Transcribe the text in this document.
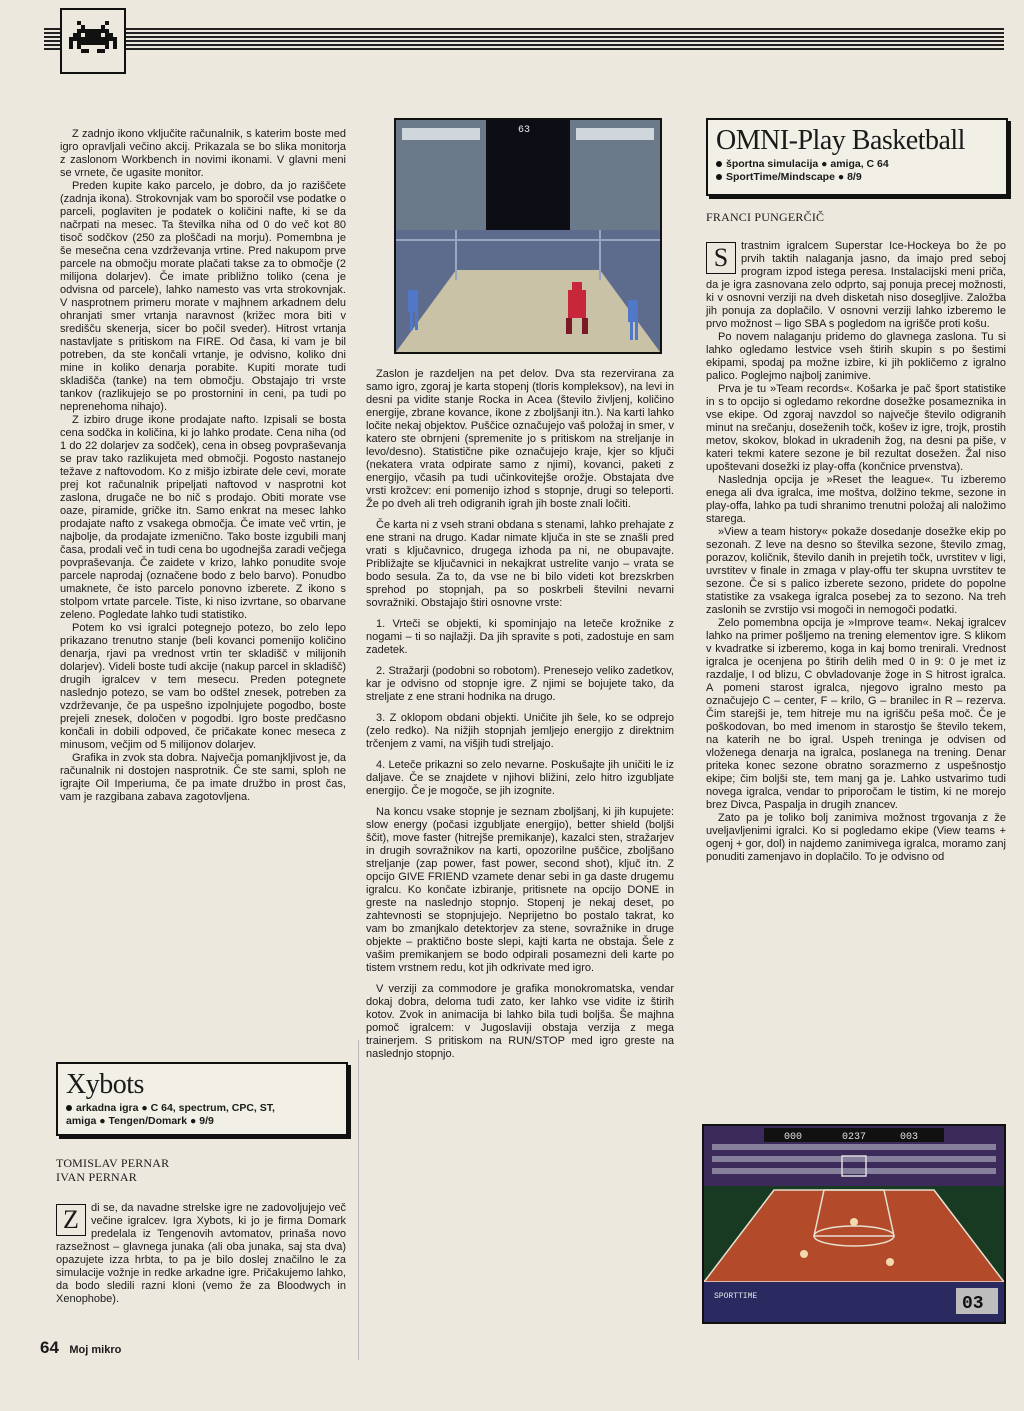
Z zadnjo ikono vključite računalnik, s katerim boste med igro opravljali večino akcij. Prikazala se bo slika monitorja z zaslonom Workbench in novimi ikonami. V glavni meni se vrnete, če ugasite monitor.

Preden kupite kako parcelo, je dobro, da jo raziščete (zadnja ikona). Strokovnjak vam bo sporočil vse podatke o parceli, poglaviten je podatek o količini nafte, ki se da načrpati na mesec. Ta številka niha od 0 do več kot 80 tisoč sodčkov (250 za ploščadi na morju). Pomembna je še mesečna cena vzdrževanja vrtine. Pred nakupom prve parcele na območju morate plačati takse za to območje (2 milijona dolarjev). Če imate približno toliko (cena je odvisna od parcele), lahko namesto vas vrta strokovnjak. V nasprotnem primeru morate v majhnem arkadnem delu ohranjati smer vrtanja naravnost (križec mora biti v središču skenerja, sicer bo počil sveder). Hitrost vrtanja nastavljate s pritiskom na FIRE. Od časa, ki vam je bil potreben, da ste končali vrtanje, je odvisno, koliko dni mine in koliko denarja porabite. Kupiti morate tudi skladišča (tanke) na tem območju. Obstajajo tri vrste tankov (razlikujejo se po prostornini in ceni, pa tudi po neprenehoma nihajo).

Z izbiro druge ikone prodajate nafto. Izpisali se bosta cena sodčka in količina, ki jo lahko prodate. Cena niha (od 1 do 22 dolarjev za sodček), cena in obseg povpraševanja se prav tako razlikujeta med območji. Pogosto nastanejo težave z naftovodom. Ko z mišjo izbirate dele cevi, morate prej kot računalnik pripeljati naftovod v nasprotni kot zaslona, drugače ne bo nič s prodajo. Obiti morate vse oaze, piramide, gričke itn. Samo enkrat na mesec lahko prodajate nafto z vsakega območja. Če imate več vrtin, je najbolje, da prodajate izmenično. Tako boste izgubili manj časa, prodali več in tudi cena bo ugodnejša zaradi večjega povpraševanja. Če zaidete v krizo, lahko ponudite svoje parcele naprodaj (označene bodo z belo barvo). Ponudbo umaknete, če isto parcelo ponovno izberete. Z ikono s stolpom vrtate parcele. Tiste, ki niso izvrtane, so obarvane zeleno. Pogledate lahko tudi statistiko.

Potem ko vsi igralci potegnejo potezo, bo zelo lepo prikazano trenutno stanje (beli kovanci pomenijo količino denarja, rjavi pa vrednost vrtin ter skladišč v milijonih dolarjev). Videli boste tudi akcije (nakup parcel in skladišč) drugih igralcev v tem mesecu. Preden potegnete naslednjo potezo, se vam bo odštel znesek, potreben za vzdrževanje, če pa uspešno izpolnjujete pogodbo, boste prejeli znesek, določen v pogodbi. Igro boste predčasno končali in dobili odpoved, če pričakate konec meseca z minusom, večjim od 5 milijonov dolarjev.

Grafika in zvok sta dobra. Največja pomanjkljivost je, da računalnik ni dostojen nasprotnik. Če ste sami, sploh ne igrajte Oil Imperiuma, če pa imate družbo in prost čas, vam je razgibana zabava zagotovljena.

63

Zaslon je razdeljen na pet delov. Dva sta rezervirana za samo igro, zgoraj je karta stopenj (tloris kompleksov), na levi in desni pa vidite stanje Rocka in Acea (število življenj, količino energije, zbrane kovance, ikone z zbolјšanji itn.). Na karti lahko ločite nekaj objektov. Puščice označujejo vaš položaj in smer, v katero ste obrnjeni (spremenite jo s pritiskom na streljanje in levo/desno). Statistične pike označujejo kraje, kjer so ključi (nekatera vrata odpirate samo z njimi), kovanci, paketi z energijo, včasih pa tudi učinkovitejše orožje. Obstajata dve vrsti krožcev: eni pomenijo izhod s stopnje, drugi so teleporti. Že po dveh ali treh odigranih igrah jih boste znali ločiti.

Če karta ni z vseh strani obdana s stenami, lahko prehajate z ene strani na drugo. Kadar nimate ključa in ste se znašli pred vrati s ključavnico, drugega izhoda pa ni, ne obupavajte. Približajte se ključavnici in nekajkrat ustrelite vanjo – vrata se bodo sesula. Za to, da vse ne bi bilo videti kot brezskrben sprehod po stopnjah, pa so poskrbeli številni nevarni sovražniki. Obstajajo štiri osnovne vrste:

1. Vrteči se objekti, ki spominjajo na leteče krožnike z nogami – ti so najlažji. Da jih spravite s poti, zadostuje en sam zadetek.

2. Stražarji (podobni so robotom). Prenesejo veliko zadetkov, kar je odvisno od stopnje igre. Z njimi se bojujete tako, da streljate z ene strani hodnika na drugo.

3. Z oklopom obdani objekti. Uničite jih šele, ko se odprejo (zelo redko). Na nižjih stopnjah jemljejo energijo z direktnim trčenjem z vami, na višjih tudi streljajo.

4. Leteče prikazni so zelo nevarne. Poskušajte jih uničiti le iz daljave. Če se znajdete v njihovi bližini, zelo hitro izgubljate energijo. Če je mogoče, se jih izognite.

Na koncu vsake stopnje je seznam zboljšanj, ki jih kupujete: slow energy (počasi izgubljate energijo), better shield (boljši ščit), move faster (hitrejše premikanje), kazalci sten, stražarjev in drugih sovražnikov na karti, opozorilne puščice, zboljšano streljanje (zap power, fast power, second shot), ključ itn. Z opcijo GIVE FRIEND vzamete denar sebi in ga daste drugemu igralcu. Ko končate izbiranje, pritisnete na opcijo DONE in greste na naslednjo stopnjo. Stopenj je nekaj deset, po zahtevnosti se stopnjujejo. Neprijetno bo postalo takrat, ko vam bo zmanjkalo detektorjev za stene, sovražnike in druge objekte – praktično boste slepi, kajti karta ne obstaja. Šele z vašim premikanjem se bodo odpirali posamezni deli karte po tistem vrstnem redu, kot jih odkrivate med igro.

V verziji za commodore je grafika monokromatska, vendar dokaj dobra, deloma tudi zato, ker lahko vse vidite iz štirih kotov. Zvok in animacija bi lahko bila tudi boljša. Še majhna pomoč igralcem: v Jugoslaviji obstaja verzija z mega trainerjem. S pritiskom na RUN/STOP med igro greste na naslednjo stopnjo.

OMNI-Play Basketball
športna simulacija ● amiga, C 64
SportTime/Mindscape ● 8/9
FRANCI PUNGERČIČ

S	trastnim igralcem Superstar Ice-Hockeya bo že po prvih taktih nalaganja jasno, da imajo pred seboj program izpod istega peresa. Instalacijski meni priča, da je igra zasnovana zelo odprto, saj ponuja precej možnosti, ki v osnovni verziji na dveh disketah niso dosegljive. Založba jih ponuja za doplačilo. V osnovni verziji lahko izberemo le prvo možnost – ligo SBA s pogledom na igrišče proti košu.

Po novem nalaganju pridemo do glavnega zaslona. Tu si lahko ogledamo lestvice vseh štirih skupin s po šestimi ekipami, spodaj pa možne izbire, ki jih pokličemo z igralno palico. Poglejmo najbolj zanimive.

Prva je tu »Team records«. Košarka je pač šport statistike in s to opcijo si ogledamo rekordne dosežke posameznika in vse ekipe. Od zgoraj navzdol so največje število odigranih minut na srečanju, doseženih točk, košev iz igre, trojk, prostih metov, skokov, blokad in ukradenih žog, na desni pa piše, v kateri tekmi katere sezone je bil rezultat dosežen. Žal niso upoštevani dosežki iz play-offa (končnice prvenstva).

Naslednja opcija je »Reset the league«. Tu izberemo enega ali dva igralca, ime moštva, dolžino tekme, sezone in play-offa, lahko pa tudi shranimo trenutni položaj ali naložimo starega.

»View a team history« pokaže dosedanje dosežke ekip po sezonah. Z leve na desno so številka sezone, število zmag, porazov, količnik, število danih in prejetih točk, uvrstitev v ligi, uvrstitev v finale in zmaga v play-offu ter skupna uvrstitev te sezone. Če si s palico izberete sezono, pridete do popolne statistike za vsakega igralca posebej za to sezono. Na treh zaslonih se zvrstijo vsi mogoči in nemogoči podatki.

Zelo pomembna opcija je »Improve team«. Nekaj igralcev lahko na primer pošljemo na trening elementov igre. S klikom v kvadratke si izberemo, koga in kaj bomo trenirali. Vrednost igralca je ocenjena po štirih delih med 0 in 9: 0 je met iz razdalje, I od blizu, C obvladovanje žoge in S hitrost igralca. A pomeni starost igralca, njegovo igralno mesto pa označujejo C – center, F – krilo, G – branilec in R – rezerva. Čim starejši je, tem hitreje mu na igrišču peša moč. Če je poškodovan, bo med imenom in starostjo še število tekem, na katerih ne bo igral. Uspeh treninga je odvisen od vloženega denarja na igralca, poslanega na trening. Denar priteka konec sezone obratno sorazmerno z uspešnostjo ekipe; čim boljši ste, tem manj ga je. Lahko ustvarimo tudi novega igralca, vendar to priporočam le tistim, ki ne morejo brez Divca, Paspalja in drugih znancev.

Zato pa je toliko bolj zanimiva možnost trgovanja z že uveljavljenimi igralci. Ko si pogledamo ekipe (View teams + ogenj + gor, dol) in najdemo zanimivega igralca, moramo zanj ponuditi zamenjavo in doplačilo. To je odvisno od

000	0237	003
SPORTTIME	03
Xybots
arkadna igra ● C 64, spectrum, CPC, ST,
amiga ● Tengen/Domark ● 9/9
TOMISLAV PERNAR
IVAN PERNAR

Z	di se, da navadne strelske igre ne zadovoljujejo več večine igralcev. Igra Xybots, ki jo je firma Domark predelala iz Tengenovih avtomatov, prinaša novo razsežnost – glavnega junaka (ali oba junaka, saj sta dva) opazujete izza hrbta, to pa je bilo doslej značilno le za simulacije vožnje in redke arkadne igre. Pričakujemo lahko, da bodo sledili razni kloni (vemo že za Bloodwych in Xenophobe).

64 Moj mikro
